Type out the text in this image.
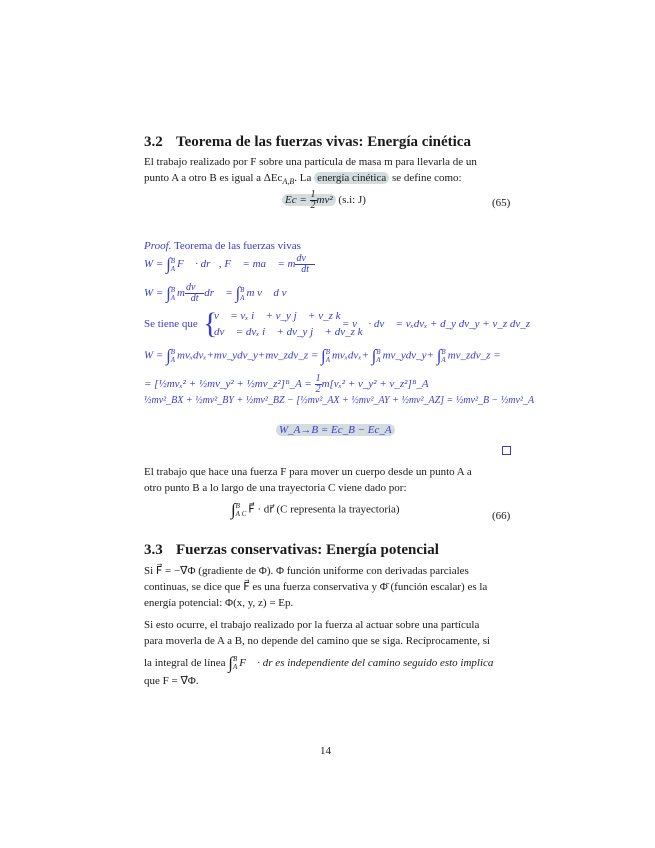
3.2 Teorema de las fuerzas vivas: Energía cinética
El trabajo realizado por F sobre una partícula de masa m para llevarla de un
punto A a otro B es igual a ΔEc$_{A,B}$. La energía cinética se define como:
$Ec = \frac{1}{2} mv^2$ (s.i: J)	(65)
Proof. Teorema de las fuerzas vivas
W = ∫ B
A F⃗ · dr⃗, F⃗ = ma⃗ = m $\frac{dv⃗}{dt}$
W = ∫ B
A m $\frac{dv⃗}{dt}$ dr⃗ = ∫ B
A m v⃗ d v⃗
Se tiene que {
v⃗ = vₓ i⃗ + v_y j⃗ + v_z k⃗
dv⃗ = dvₓ i⃗ + dv_y j⃗ + dv_z k⃗
= v⃗ · dv⃗ = vₓdvₓ + d_y dv_y + v_z dv_z
W = ∫ B
A mvₓdvₓ+mv_ydv_y+mv_zdv_z = ∫ B
A mvₓdvₓ+ ∫ B
A mv_ydv_y+ ∫ B
A mv_zdv_z =
= [½mvₓ² + ½mv_y² + ½mv_z²]ᴮ_A = $\frac{1}{2} m[v_x^2$ + v_y² + v_z²]ᴮ_A
½mv²_BX + ½mv²_BY + ½mv²_BZ − [½mv²_AX + ½mv²_AY + ½mv²_AZ] = ½mv²_B − ½mv²_A
W_A→B = Ec_B − Ec_A
El trabajo que hace una fuerza F para mover un cuerpo desde un punto A a
otro punto B a lo largo de una trayectoria C viene dado por:
∫ B
A C F⃗ · dr⃗ (C representa la trayectoria)
(66)
3.3 Fuerzas conservativas: Energía potencial
Si F⃗ = −∇⃗Φ (gradiente de Φ). Φ función uniforme con derivadas parciales
continuas, se dice que F⃗ es una fuerza conservativa y Φ̄ (función escalar) es la
energía potencial: Φ(x, y, z) = Ep.
Si esto ocurre, el trabajo realizado por la fuerza al actuar sobre una partícula
para moverla de A a B, no depende del camino que se siga. Recíprocamente, si
la integral de línea ∫ B
A F⃗ · dr es independiente del camino seguido esto implica
que F = ∇⃗Φ.
14
